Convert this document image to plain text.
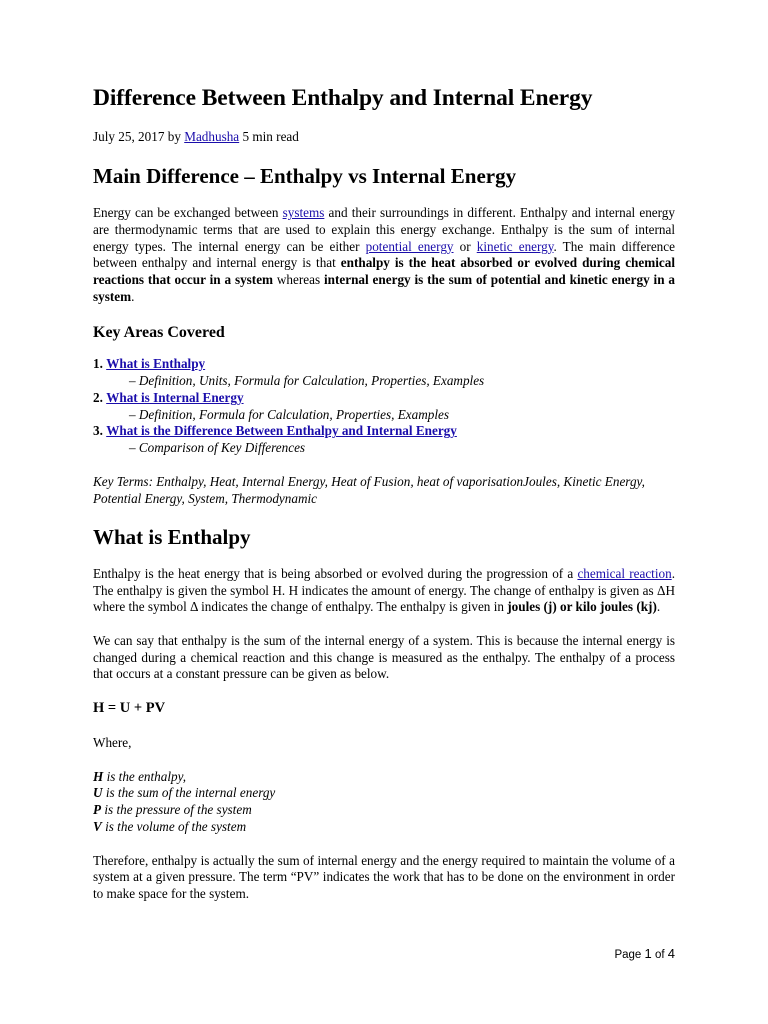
Difference Between Enthalpy and Internal Energy
July 25, 2017 by Madhusha 5 min read
Main Difference – Enthalpy vs Internal Energy

Energy can be exchanged between systems and their surroundings in different. Enthalpy and internal energy are thermodynamic terms that are used to explain this energy exchange. Enthalpy is the sum of internal energy types. The internal energy can be either potential energy or kinetic energy. The main difference between enthalpy and internal energy is that enthalpy is the heat absorbed or evolved during chemical reactions that occur in a system whereas internal energy is the sum of potential and kinetic energy in a system.

Key Areas Covered
1. What is Enthalpy
– Definition, Units, Formula for Calculation, Properties, Examples
2. What is Internal Energy
– Definition, Formula for Calculation, Properties, Examples
3. What is the Difference Between Enthalpy and Internal Energy
– Comparison of Key Differences

Key Terms: Enthalpy, Heat, Internal Energy, Heat of Fusion, heat of vaporisationJoules, Kinetic Energy, Potential Energy, System, Thermodynamic

What is Enthalpy

Enthalpy is the heat energy that is being absorbed or evolved during the progression of a chemical reaction. The enthalpy is given the symbol H. H indicates the amount of energy. The change of enthalpy is given as ΔH where the symbol Δ indicates the change of enthalpy. The enthalpy is given in joules (j) or kilo joules (kj).

We can say that enthalpy is the sum of the internal energy of a system. This is because the internal energy is changed during a chemical reaction and this change is measured as the enthalpy. The enthalpy of a process that occurs at a constant pressure can be given as below.

H = U + PV

Where,

H is the enthalpy,
U is the sum of the internal energy
P is the pressure of the system
V is the volume of the system

Therefore, enthalpy is actually the sum of internal energy and the energy required to maintain the volume of a system at a given pressure. The term “PV” indicates the work that has to be done on the environment in order to make space for the system.

Page 1 of 4
